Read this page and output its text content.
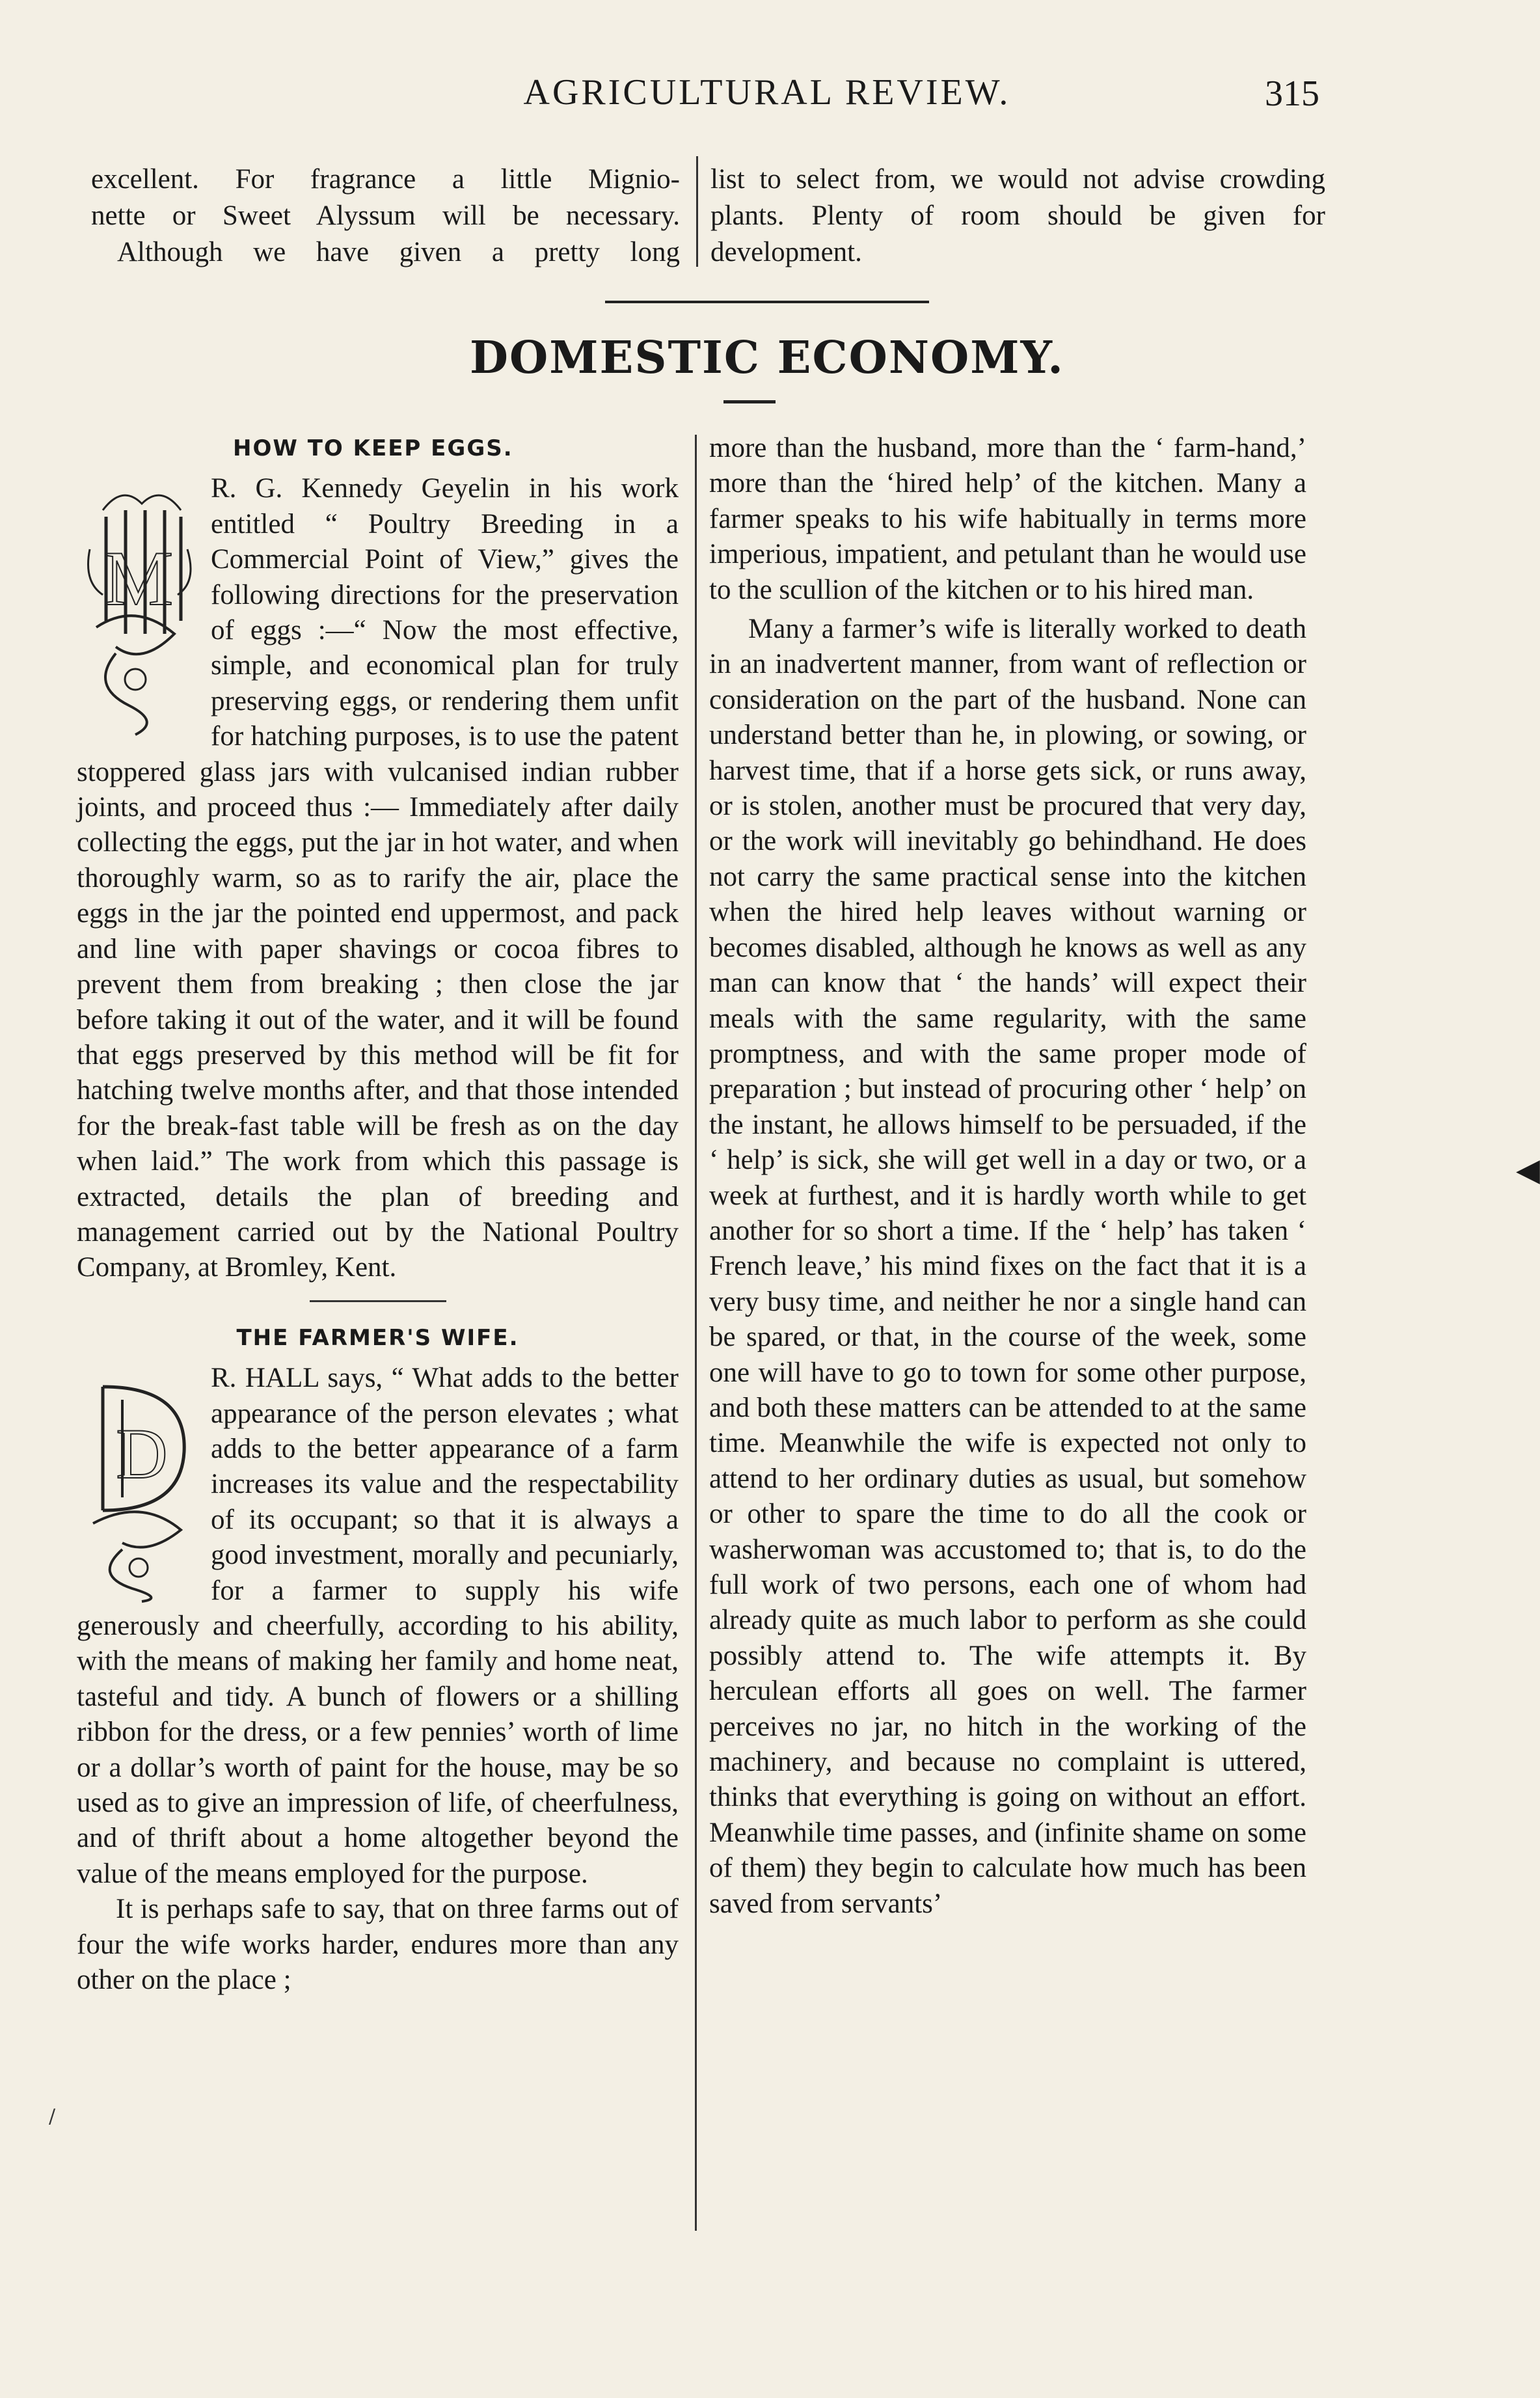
AGRICULTURAL REVIEW.	315

excellent. For fragrance a little Mignio-

nette or Sweet Alyssum will be necessary.

Although we have given a pretty long

list to select from, we would not advise crowding plants. Plenty of room should be given for development.

DOMESTIC ECONOMY.
HOW TO KEEP EGGS.
M

R. G. Kennedy Geyelin in his work entitled “ Poultry Breeding in a Commercial Point of View,” gives the following directions for the preservation of eggs :—“ Now the most effective, simple, and economical plan for truly preserving eggs, or rendering them unfit for hatching purposes, is to use the patent stoppered glass jars with vulcanised indian rubber joints, and proceed thus :— Immediately after daily collecting the eggs, put the jar in hot water, and when thoroughly warm, so as to rarify the air, place the eggs in the jar the pointed end uppermost, and pack and line with paper shavings or cocoa fibres to prevent them from breaking ; then close the jar before taking it out of the water, and it will be found that eggs preserved by this method will be fit for hatching twelve months after, and that those intended for the break-fast table will be fresh as on the day when laid.” The work from which this passage is extracted, details the plan of breeding and management carried out by the National Poultry Company, at Bromley, Kent.

THE FARMER'S WIFE.
D

R. HALL says, “ What adds to the better appearance of the person elevates ; what adds to the better appearance of a farm increases its value and the respectability of its occupant; so that it is always a good investment, morally and pecuniarly, for a farmer to supply his wife generously and cheerfully, according to his ability, with the means of making her family and home neat, tasteful and tidy. A bunch of flowers or a shilling ribbon for the dress, or a few pennies’ worth of lime or a dollar’s worth of paint for the house, may be so used as to give an impression of life, of cheerfulness, and of thrift about a home altogether beyond the value of the means employed for the purpose.

It is perhaps safe to say, that on three farms out of four the wife works harder, endures more than any other on the place ;

more than the husband, more than the ‘ farm-hand,’ more than the ‘hired help’ of the kitchen. Many a farmer speaks to his wife habitually in terms more imperious, impatient, and petulant than he would use to the scullion of the kitchen or to his hired man.

Many a farmer’s wife is literally worked to death in an inadvertent manner, from want of reflection or consideration on the part of the husband. None can understand better than he, in plowing, or sowing, or harvest time, that if a horse gets sick, or runs away, or is stolen, another must be procured that very day, or the work will inevitably go behindhand. He does not carry the same practical sense into the kitchen when the hired help leaves without warning or becomes disabled, although he knows as well as any man can know that ‘ the hands’ will expect their meals with the same regularity, with the same promptness, and with the same proper mode of preparation ; but instead of procuring other ‘ help’ on the instant, he allows himself to be persuaded, if the ‘ help’ is sick, she will get well in a day or two, or a week at furthest, and it is hardly worth while to get another for so short a time. If the ‘ help’ has taken ‘ French leave,’ his mind fixes on the fact that it is a very busy time, and neither he nor a single hand can be spared, or that, in the course of the week, some one will have to go to town for some other purpose, and both these matters can be attended to at the same time. Meanwhile the wife is expected not only to attend to her ordinary duties as usual, but somehow or other to spare the time to do all the cook or washerwoman was accustomed to; that is, to do the full work of two persons, each one of whom had already quite as much labor to perform as she could possibly attend to. The wife attempts it. By herculean efforts all goes on well. The farmer perceives no jar, no hitch in the working of the machinery, and because no complaint is uttered, thinks that everything is going on without an effort. Meanwhile time passes, and (infinite shame on some of them) they begin to calculate how much has been saved from servants’

◀
/
